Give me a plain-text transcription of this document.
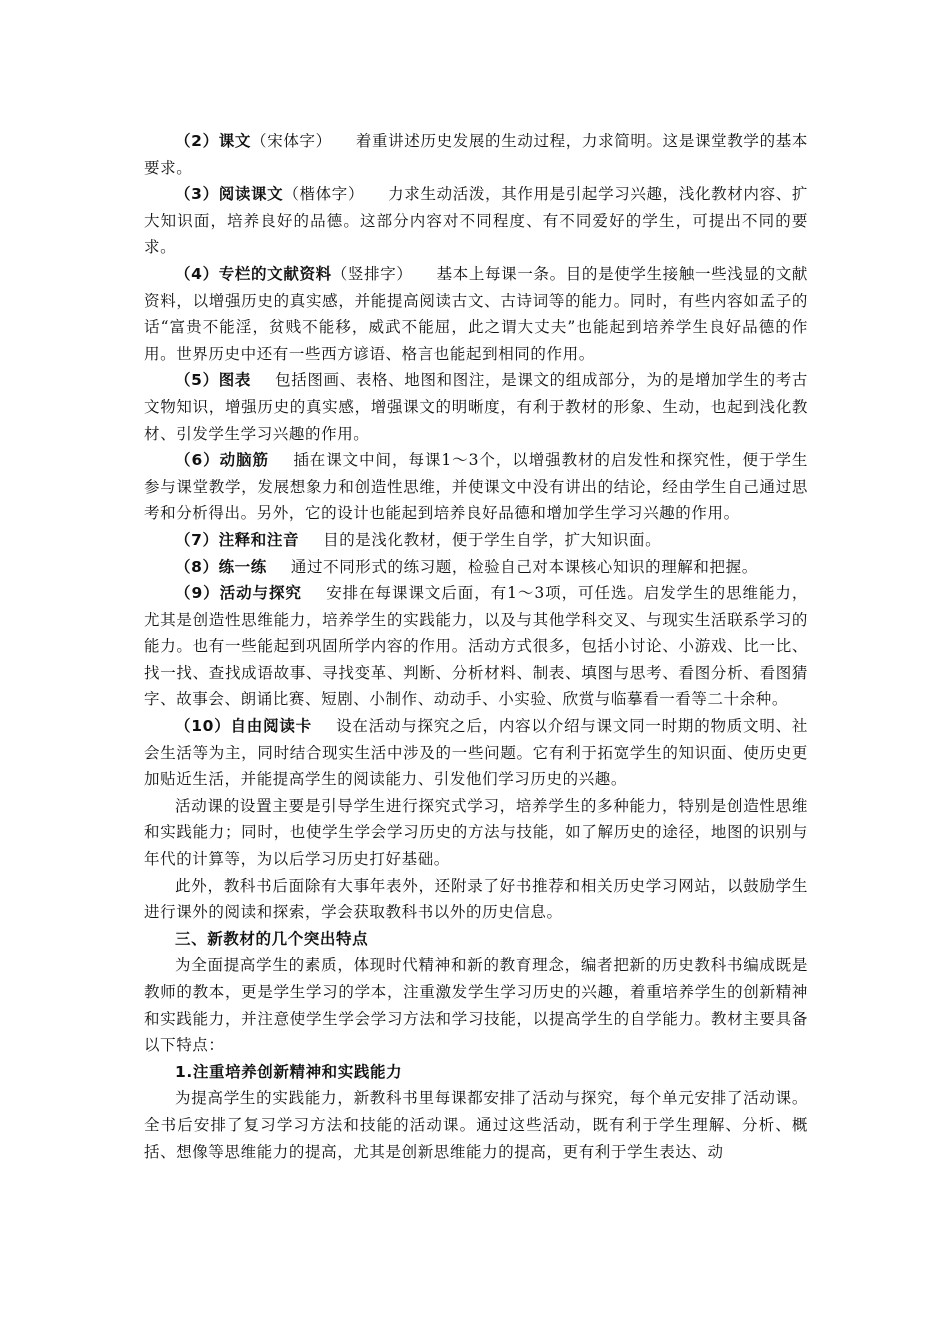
（2）课文（宋体字） 着重讲述历史发展的生动过程，力求简明。这是课堂教学的基本要求。

（3）阅读课文（楷体字） 力求生动活泼，其作用是引起学习兴趣，浅化教材内容、扩大知识面，培养良好的品德。这部分内容对不同程度、有不同爱好的学生，可提出不同的要求。

（4）专栏的文献资料（竖排字） 基本上每课一条。目的是使学生接触一些浅显的文献资料，以增强历史的真实感，并能提高阅读古文、古诗词等的能力。同时，有些内容如孟子的话“富贵不能淫，贫贱不能移，威武不能屈，此之谓大丈夫”也能起到培养学生良好品德的作用。世界历史中还有一些西方谚语、格言也能起到相同的作用。

（5）图表 包括图画、表格、地图和图注，是课文的组成部分，为的是增加学生的考古文物知识，增强历史的真实感，增强课文的明晰度，有利于教材的形象、生动，也起到浅化教材、引发学生学习兴趣的作用。

（6）动脑筋 插在课文中间，每课1～3个，以增强教材的启发性和探究性，便于学生参与课堂教学，发展想象力和创造性思维，并使课文中没有讲出的结论，经由学生自己通过思考和分析得出。另外，它的设计也能起到培养良好品德和增加学生学习兴趣的作用。

（7）注释和注音 目的是浅化教材，便于学生自学，扩大知识面。

（8）练一练 通过不同形式的练习题，检验自己对本课核心知识的理解和把握。

（9）活动与探究 安排在每课课文后面，有1～3项，可任选。启发学生的思维能力，尤其是创造性思维能力，培养学生的实践能力，以及与其他学科交叉、与现实生活联系学习的能力。也有一些能起到巩固所学内容的作用。活动方式很多，包括小讨论、小游戏、比一比、找一找、查找成语故事、寻找变革、判断、分析材料、制表、填图与思考、看图分析、看图猜字、故事会、朗诵比赛、短剧、小制作、动动手、小实验、欣赏与临摹看一看等二十余种。

（10）自由阅读卡 设在活动与探究之后，内容以介绍与课文同一时期的物质文明、社会生活等为主，同时结合现实生活中涉及的一些问题。它有利于拓宽学生的知识面、使历史更加贴近生活，并能提高学生的阅读能力、引发他们学习历史的兴趣。

活动课的设置主要是引导学生进行探究式学习，培养学生的多种能力，特别是创造性思维和实践能力；同时，也使学生学会学习历史的方法与技能，如了解历史的途径，地图的识别与年代的计算等，为以后学习历史打好基础。

此外，教科书后面除有大事年表外，还附录了好书推荐和相关历史学习网站，以鼓励学生进行课外的阅读和探索，学会获取教科书以外的历史信息。

三、新教材的几个突出特点

为全面提高学生的素质，体现时代精神和新的教育理念，编者把新的历史教科书编成既是教师的教本，更是学生学习的学本，注重激发学生学习历史的兴趣，着重培养学生的创新精神和实践能力，并注意使学生学会学习方法和学习技能，以提高学生的自学能力。教材主要具备以下特点：

1.注重培养创新精神和实践能力

为提高学生的实践能力，新教科书里每课都安排了活动与探究，每个单元安排了活动课。全书后安排了复习学习方法和技能的活动课。通过这些活动，既有利于学生理解、分析、概括、想像等思维能力的提高，尤其是创新思维能力的提高，更有利于学生表达、动
